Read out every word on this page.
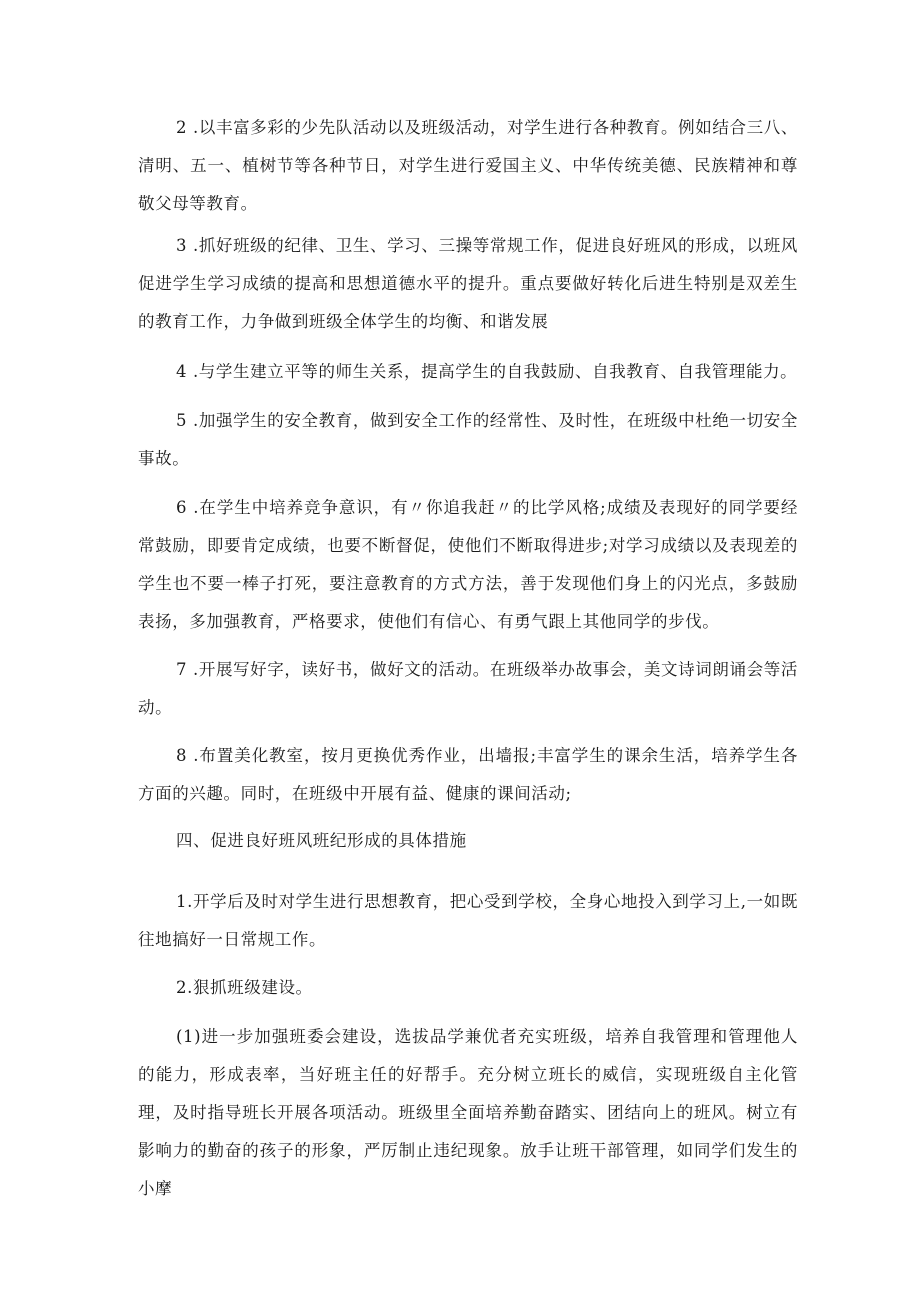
2 .以丰富多彩的少先队活动以及班级活动，对学生进行各种教育。例如结合三八、清明、五一、植树节等各种节日，对学生进行爱国主义、中华传统美德、民族精神和尊敬父母等教育。

3 .抓好班级的纪律、卫生、学习、三操等常规工作，促进良好班风的形成，以班风促进学生学习成绩的提高和思想道德水平的提升。重点要做好转化后进生特别是双差生的教育工作，力争做到班级全体学生的均衡、和谐发展

4 .与学生建立平等的师生关系，提高学生的自我鼓励、自我教育、自我管理能力。

5 .加强学生的安全教育，做到安全工作的经常性、及时性，在班级中杜绝一切安全事故。

6 .在学生中培养竞争意识，有〃你追我赶〃的比学风格;成绩及表现好的同学要经常鼓励，即要肯定成绩，也要不断督促，使他们不断取得进步;对学习成绩以及表现差的学生也不要一棒子打死，要注意教育的方式方法，善于发现他们身上的闪光点，多鼓励表扬，多加强教育，严格要求，使他们有信心、有勇气跟上其他同学的步伐。

7 .开展写好字，读好书，做好文的活动。在班级举办故事会，美文诗词朗诵会等活动。

8 .布置美化教室，按月更换优秀作业，出墙报;丰富学生的课余生活，培养学生各方面的兴趣。同时，在班级中开展有益、健康的课间活动;

四、促进良好班风班纪形成的具体措施

1.开学后及时对学生进行思想教育，把心受到学校，全身心地投入到学习上,一如既往地搞好一日常规工作。

2.狠抓班级建设。

(1)进一步加强班委会建设，选拔品学兼优者充实班级，培养自我管理和管理他人的能力，形成表率，当好班主任的好帮手。充分树立班长的威信，实现班级自主化管理，及时指导班长开展各项活动。班级里全面培养勤奋踏实、团结向上的班风。树立有影响力的勤奋的孩子的形象，严厉制止违纪现象。放手让班干部管理，如同学们发生的小摩
